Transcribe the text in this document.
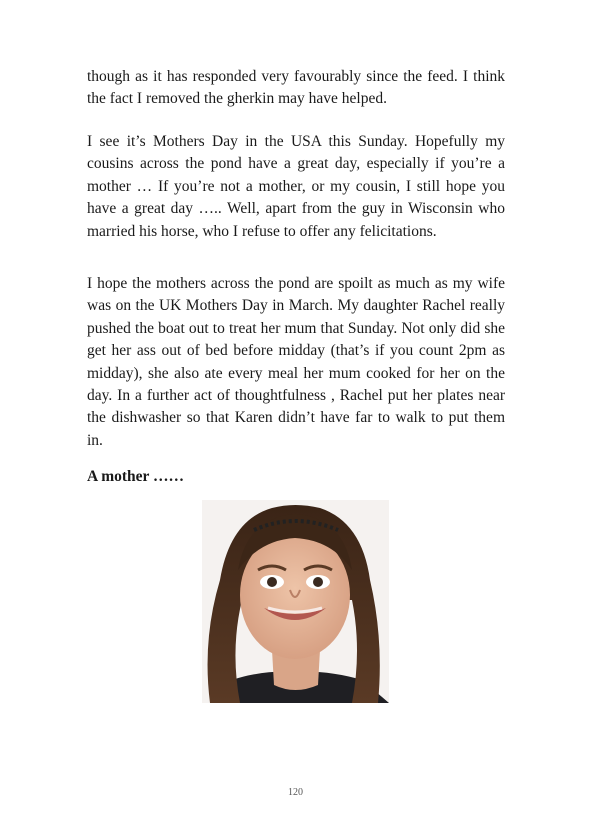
though as it has responded very favourably since the feed. I think the fact I removed the gherkin may have helped.

I see it’s Mothers Day in the USA this Sunday. Hopefully my cousins across the pond have a great day, especially if you’re a mother … If you’re not a mother, or my cousin, I still hope you have a great day ….. Well, apart from the guy in Wisconsin who married his horse, who I refuse to offer any felicitations.

I hope the mothers across the pond are spoilt as much as my wife was on the UK Mothers Day in March. My daughter Rachel really pushed the boat out to treat her mum that Sunday. Not only did she get her ass out of bed before midday (that’s if you count 2pm as midday), she also ate every meal her mum cooked for her on the day. In a further act of thoughtfulness , Rachel put her plates near the dishwasher so that Karen didn’t have far to walk to put them in.

A mother ……
120
